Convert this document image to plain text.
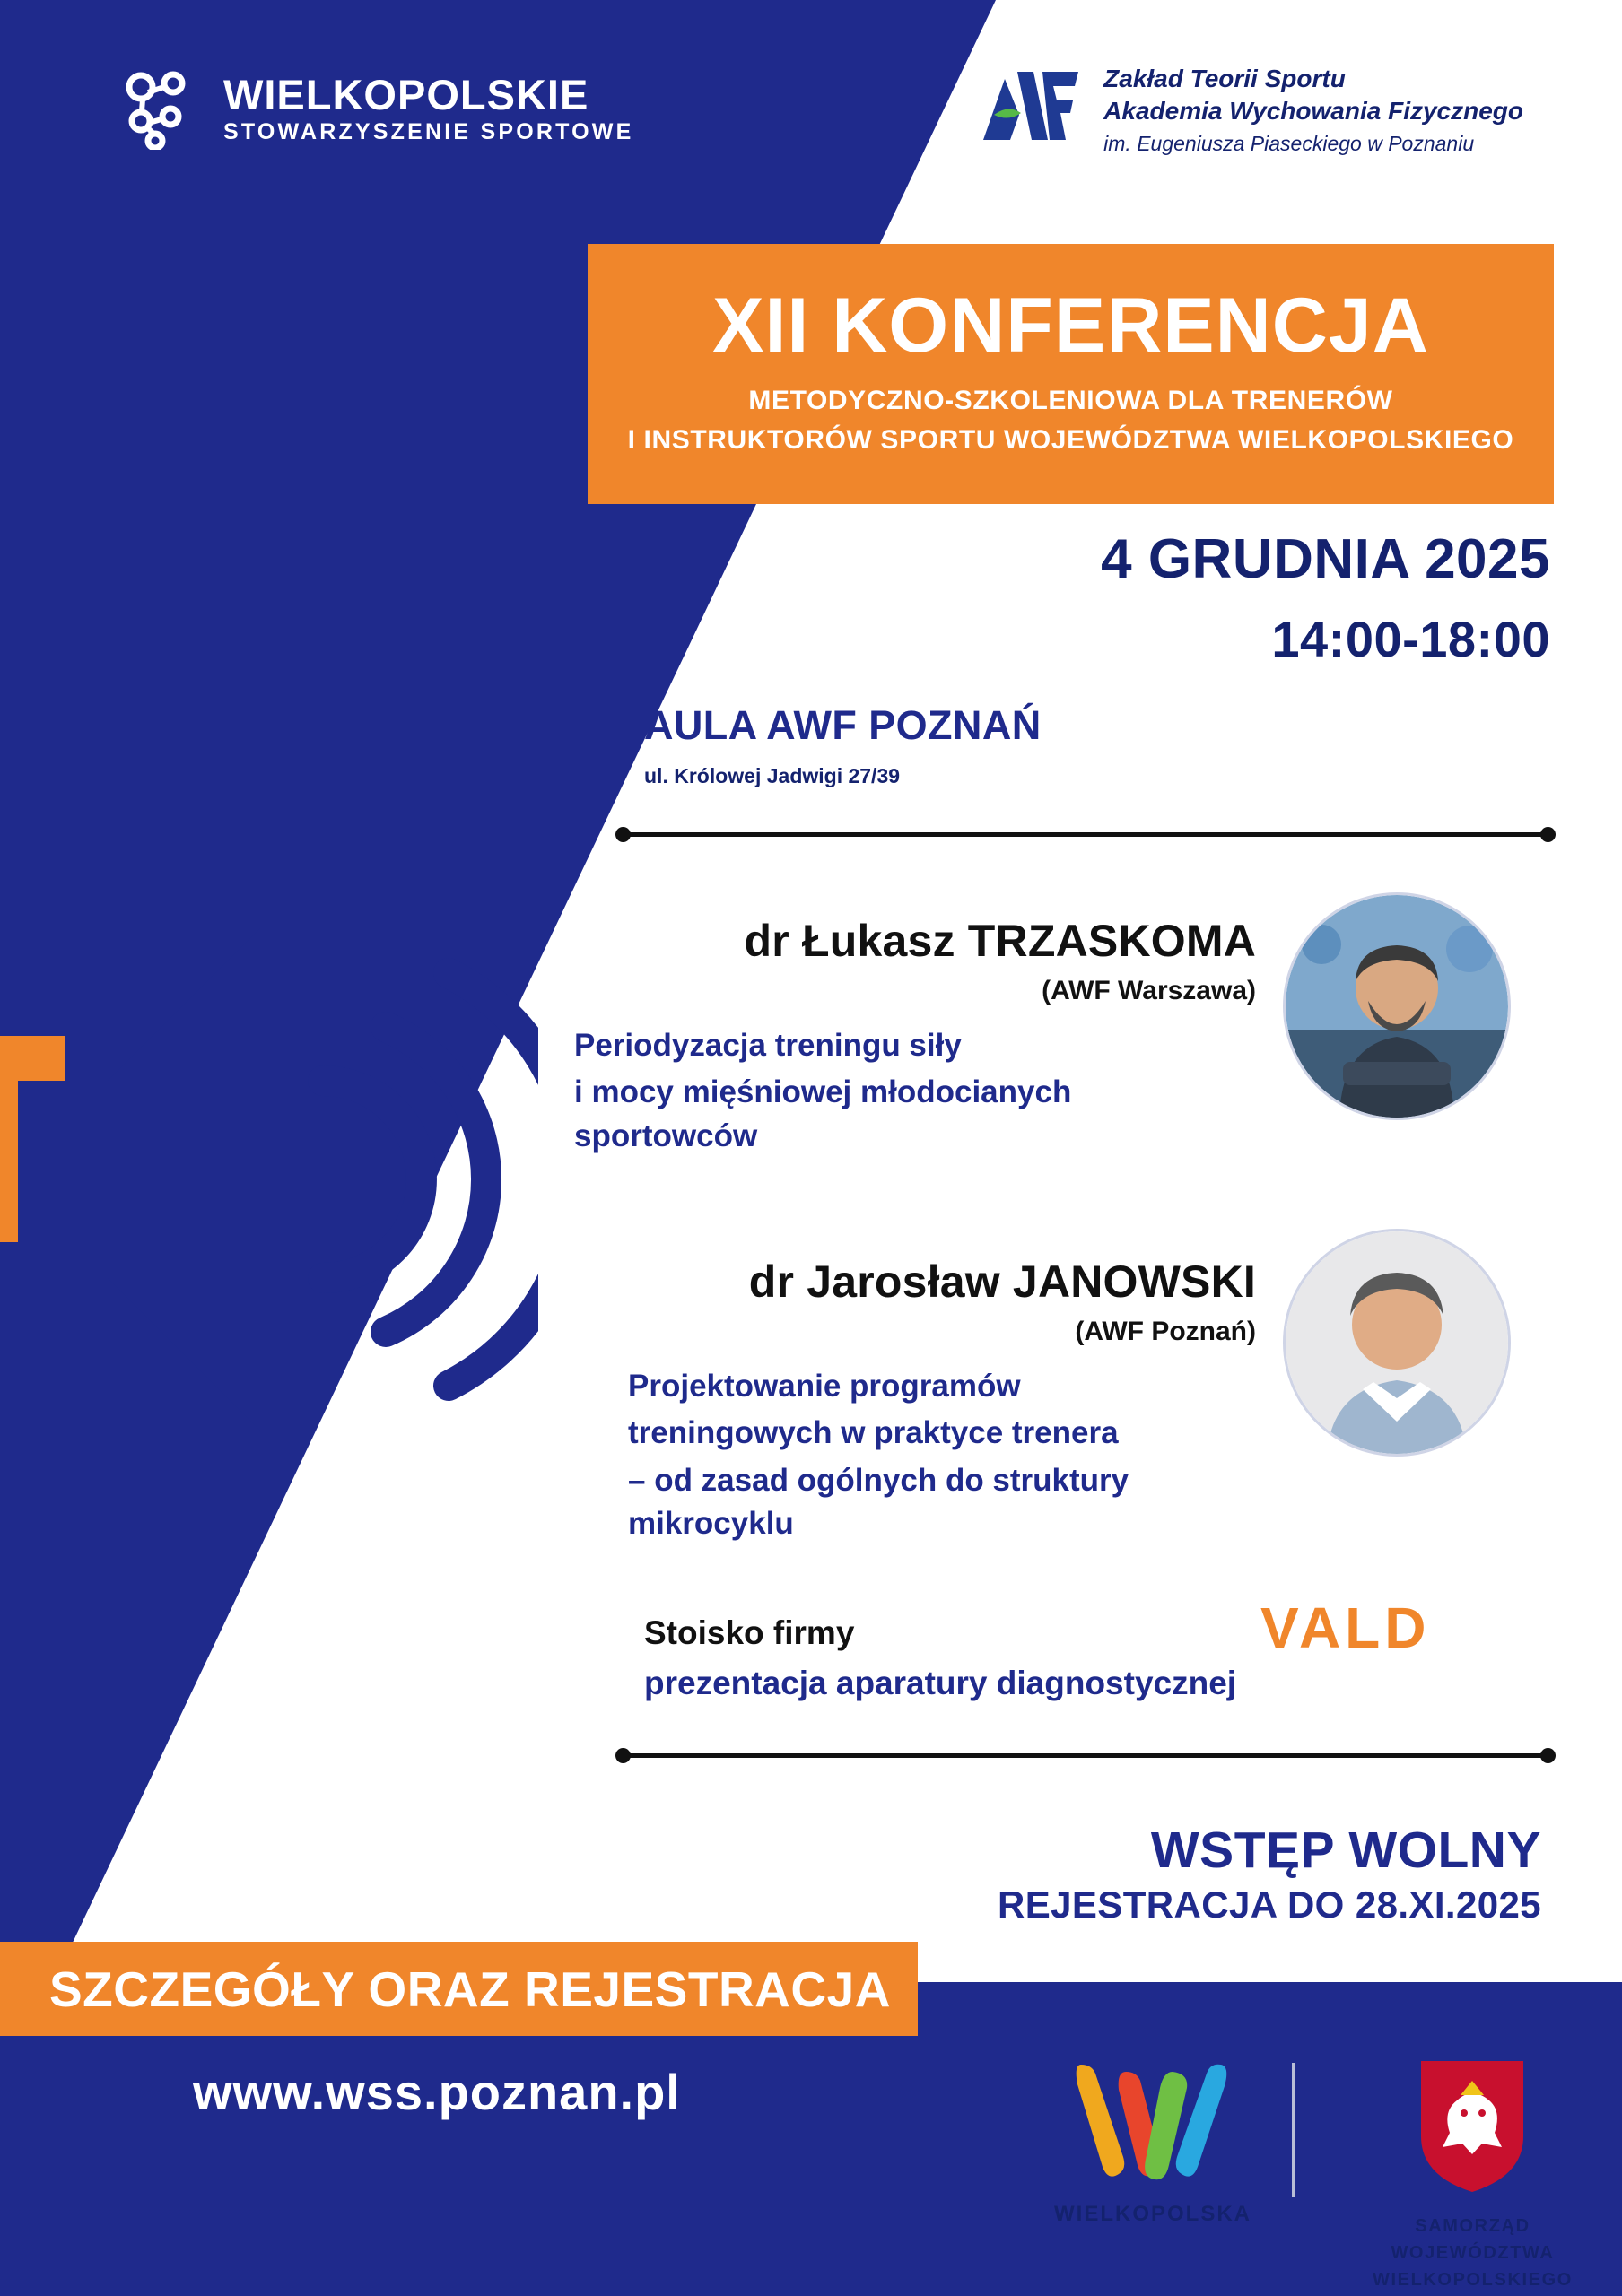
WIELKOPOLSKIE
STOWARZYSZENIE SPORTOWE
Zakład Teorii Sportu
Akademia Wychowania Fizycznego
im. Eugeniusza Piaseckiego w Poznaniu
XII KONFERENCJA
METODYCZNO-SZKOLENIOWA DLA TRENERÓW
I INSTRUKTORÓW SPORTU WOJEWÓDZTWA WIELKOPOLSKIEGO
4 GRUDNIA 2025
14:00-18:00
AULA AWF POZNAŃ
ul. Królowej Jadwigi 27/39
dr Łukasz TRZASKOMA
(AWF Warszawa)
Periodyzacja treningu siły
i mocy mięśniowej młodocianych sportowców
dr Jarosław JANOWSKI
(AWF Poznań)
Projektowanie programów
treningowych w praktyce trenera
– od zasad ogólnych do struktury mikrocyklu
Stoisko firmy
prezentacja aparatury diagnostycznej
VALD
WSTĘP WOLNY
REJESTRACJA DO 28.XI.2025
SZCZEGÓŁY ORAZ REJESTRACJA
www.wss.poznan.pl
WIELKOPOLSKA	SAMORZĄD
WOJEWÓDZTWA
WIELKOPOLSKIEGO
